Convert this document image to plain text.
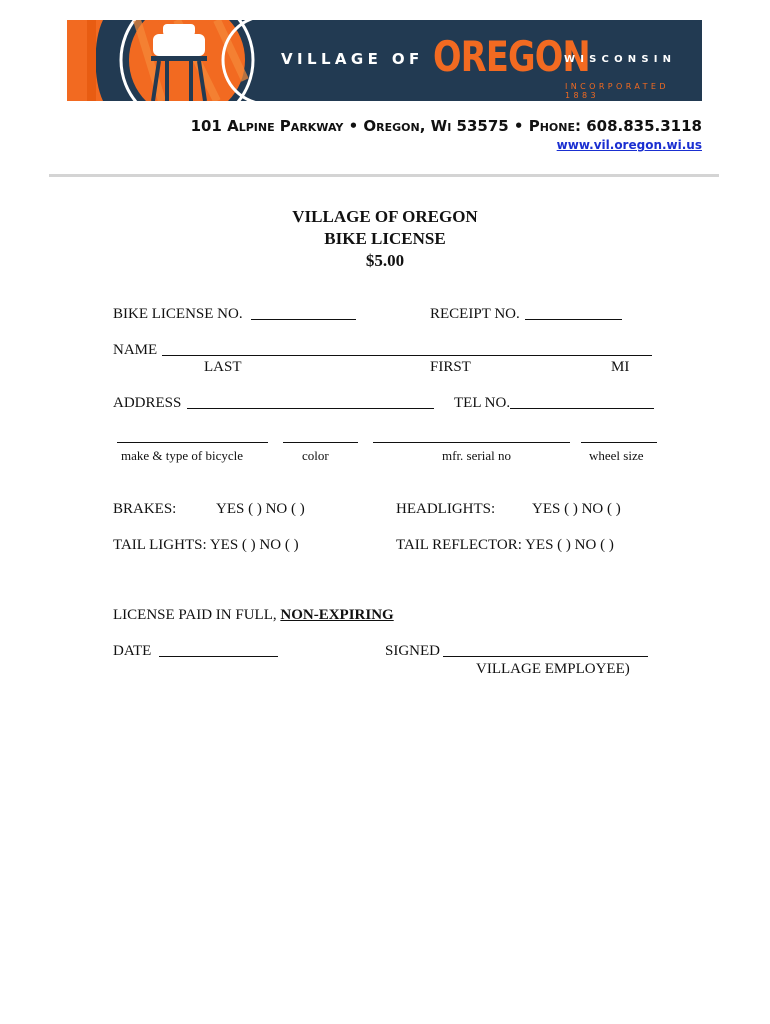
VILLAGE OF OREGON
WISCONSIN
INCORPORATED 1883
101 Alpine Parkway • Oregon, Wi 53575 • Phone: 608.835.3118
www.vil.oregon.wi.us
VILLAGE OF OREGON
BIKE LICENSE
$5.00
BIKE LICENSE NO.	RECEIPT NO.
NAME
LAST	FIRST	MI
ADDRESS	TEL NO.
make & type of bicycle	color	mfr. serial no	wheel size
BRAKES:	YES ( ) NO ( )	HEADLIGHTS: YES ( ) NO ( )
TAIL LIGHTS: YES ( ) NO ( )	TAIL REFLECTOR: YES ( ) NO ( )
LICENSE PAID IN FULL, NON-EXPIRING
DATE	SIGNED
VILLAGE EMPLOYEE)
